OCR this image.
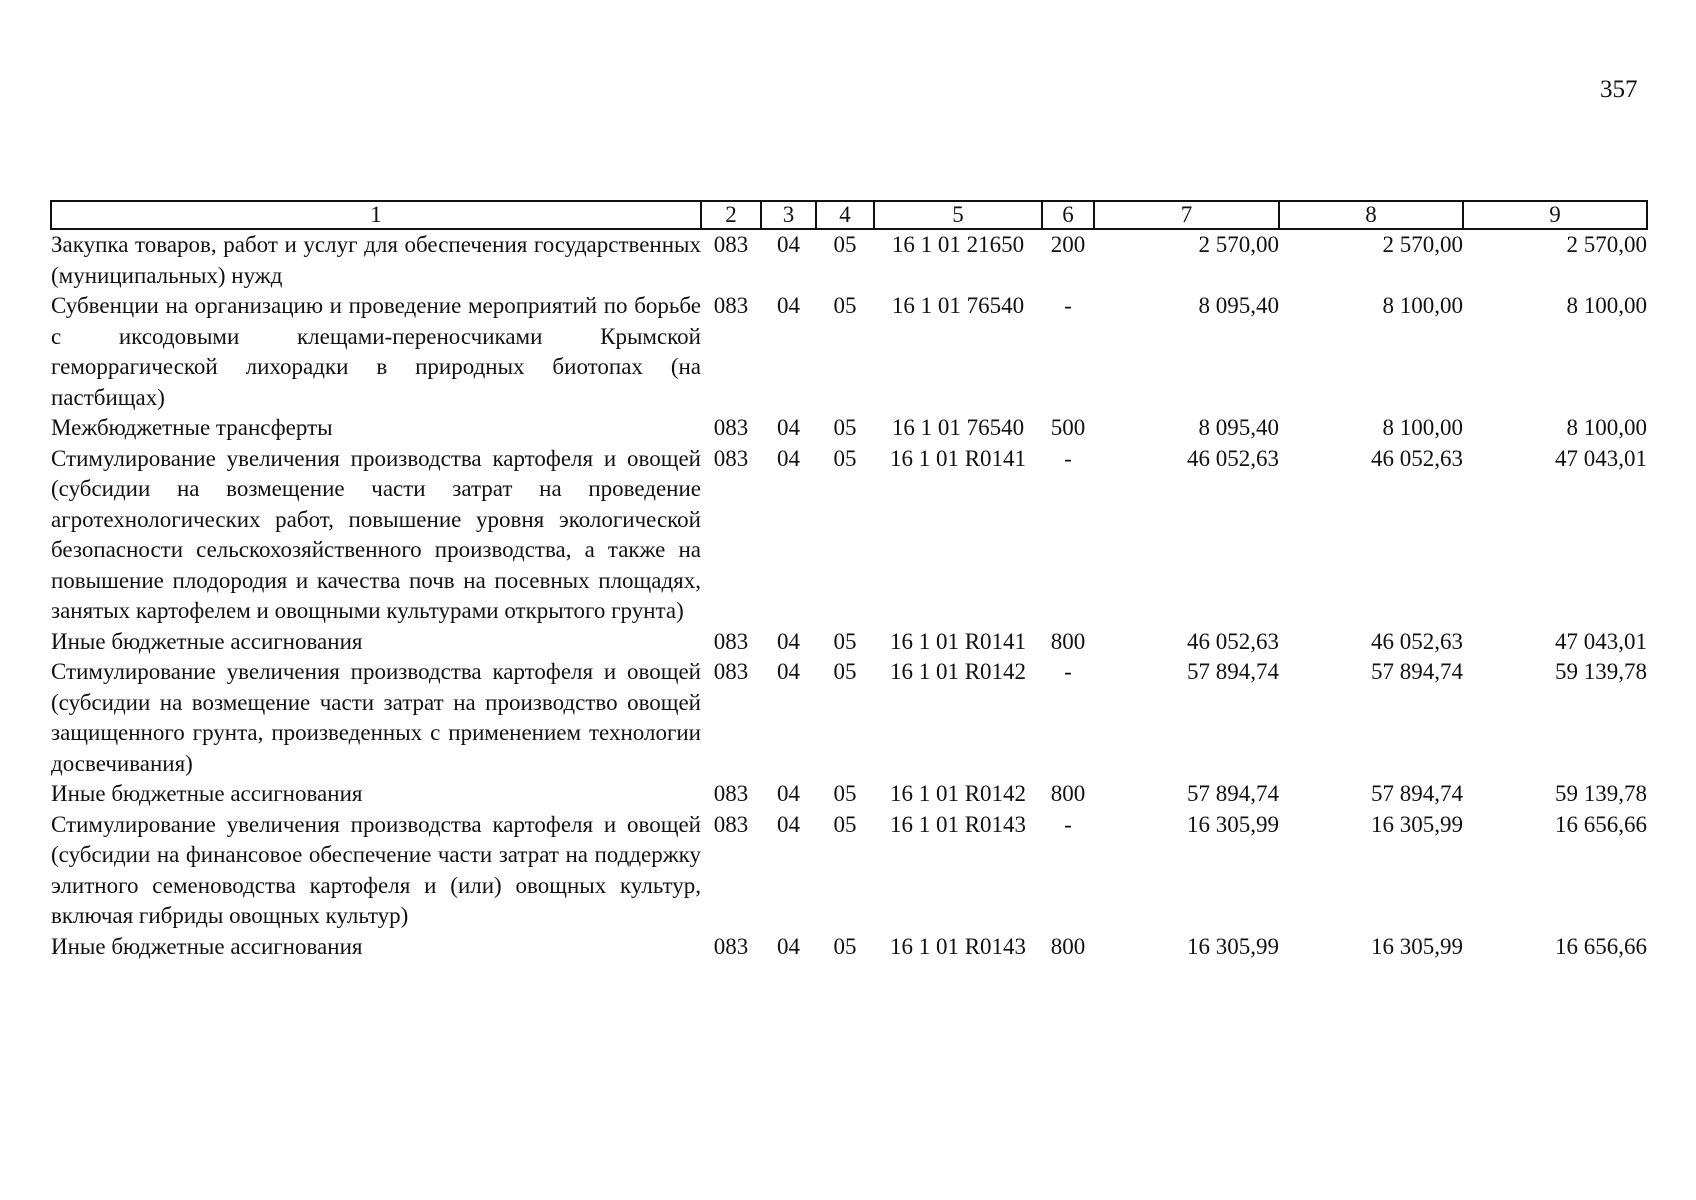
357
1	2	3	4	5	6	7	8	9
Закупка товаров, работ и услуг для обеспечения государственных (муниципальных) нужд	083	04	05	16 1 01 21650	200	2 570,00	2 570,00	2 570,00
Субвенции на организацию и проведение мероприятий по борьбе с иксодовыми клещами-переносчиками Крымской геморрагической лихорадки в природных биотопах (на пастбищах)	083	04	05	16 1 01 76540	-	8 095,40	8 100,00	8 100,00
Межбюджетные трансферты	083	04	05	16 1 01 76540	500	8 095,40	8 100,00	8 100,00
Стимулирование увеличения производства картофеля и овощей (субсидии на возмещение части затрат на проведение агротехнологических работ, повышение уровня экологической безопасности сельскохозяйственного производства, а также на повышение плодородия и качества почв на посевных площадях, занятых картофелем и овощными культурами открытого грунта)	083	04	05	16 1 01 R0141	-	46 052,63	46 052,63	47 043,01
Иные бюджетные ассигнования	083	04	05	16 1 01 R0141	800	46 052,63	46 052,63	47 043,01
Стимулирование увеличения производства картофеля и овощей (субсидии на возмещение части затрат на производство овощей защищенного грунта, произведенных с применением технологии досвечивания)	083	04	05	16 1 01 R0142	-	57 894,74	57 894,74	59 139,78
Иные бюджетные ассигнования	083	04	05	16 1 01 R0142	800	57 894,74	57 894,74	59 139,78
Стимулирование увеличения производства картофеля и овощей (субсидии на финансовое обеспечение части затрат на поддержку элитного семеноводства картофеля и (или) овощных культур, включая гибриды овощных культур)	083	04	05	16 1 01 R0143	-	16 305,99	16 305,99	16 656,66
Иные бюджетные ассигнования	083	04	05	16 1 01 R0143	800	16 305,99	16 305,99	16 656,66
